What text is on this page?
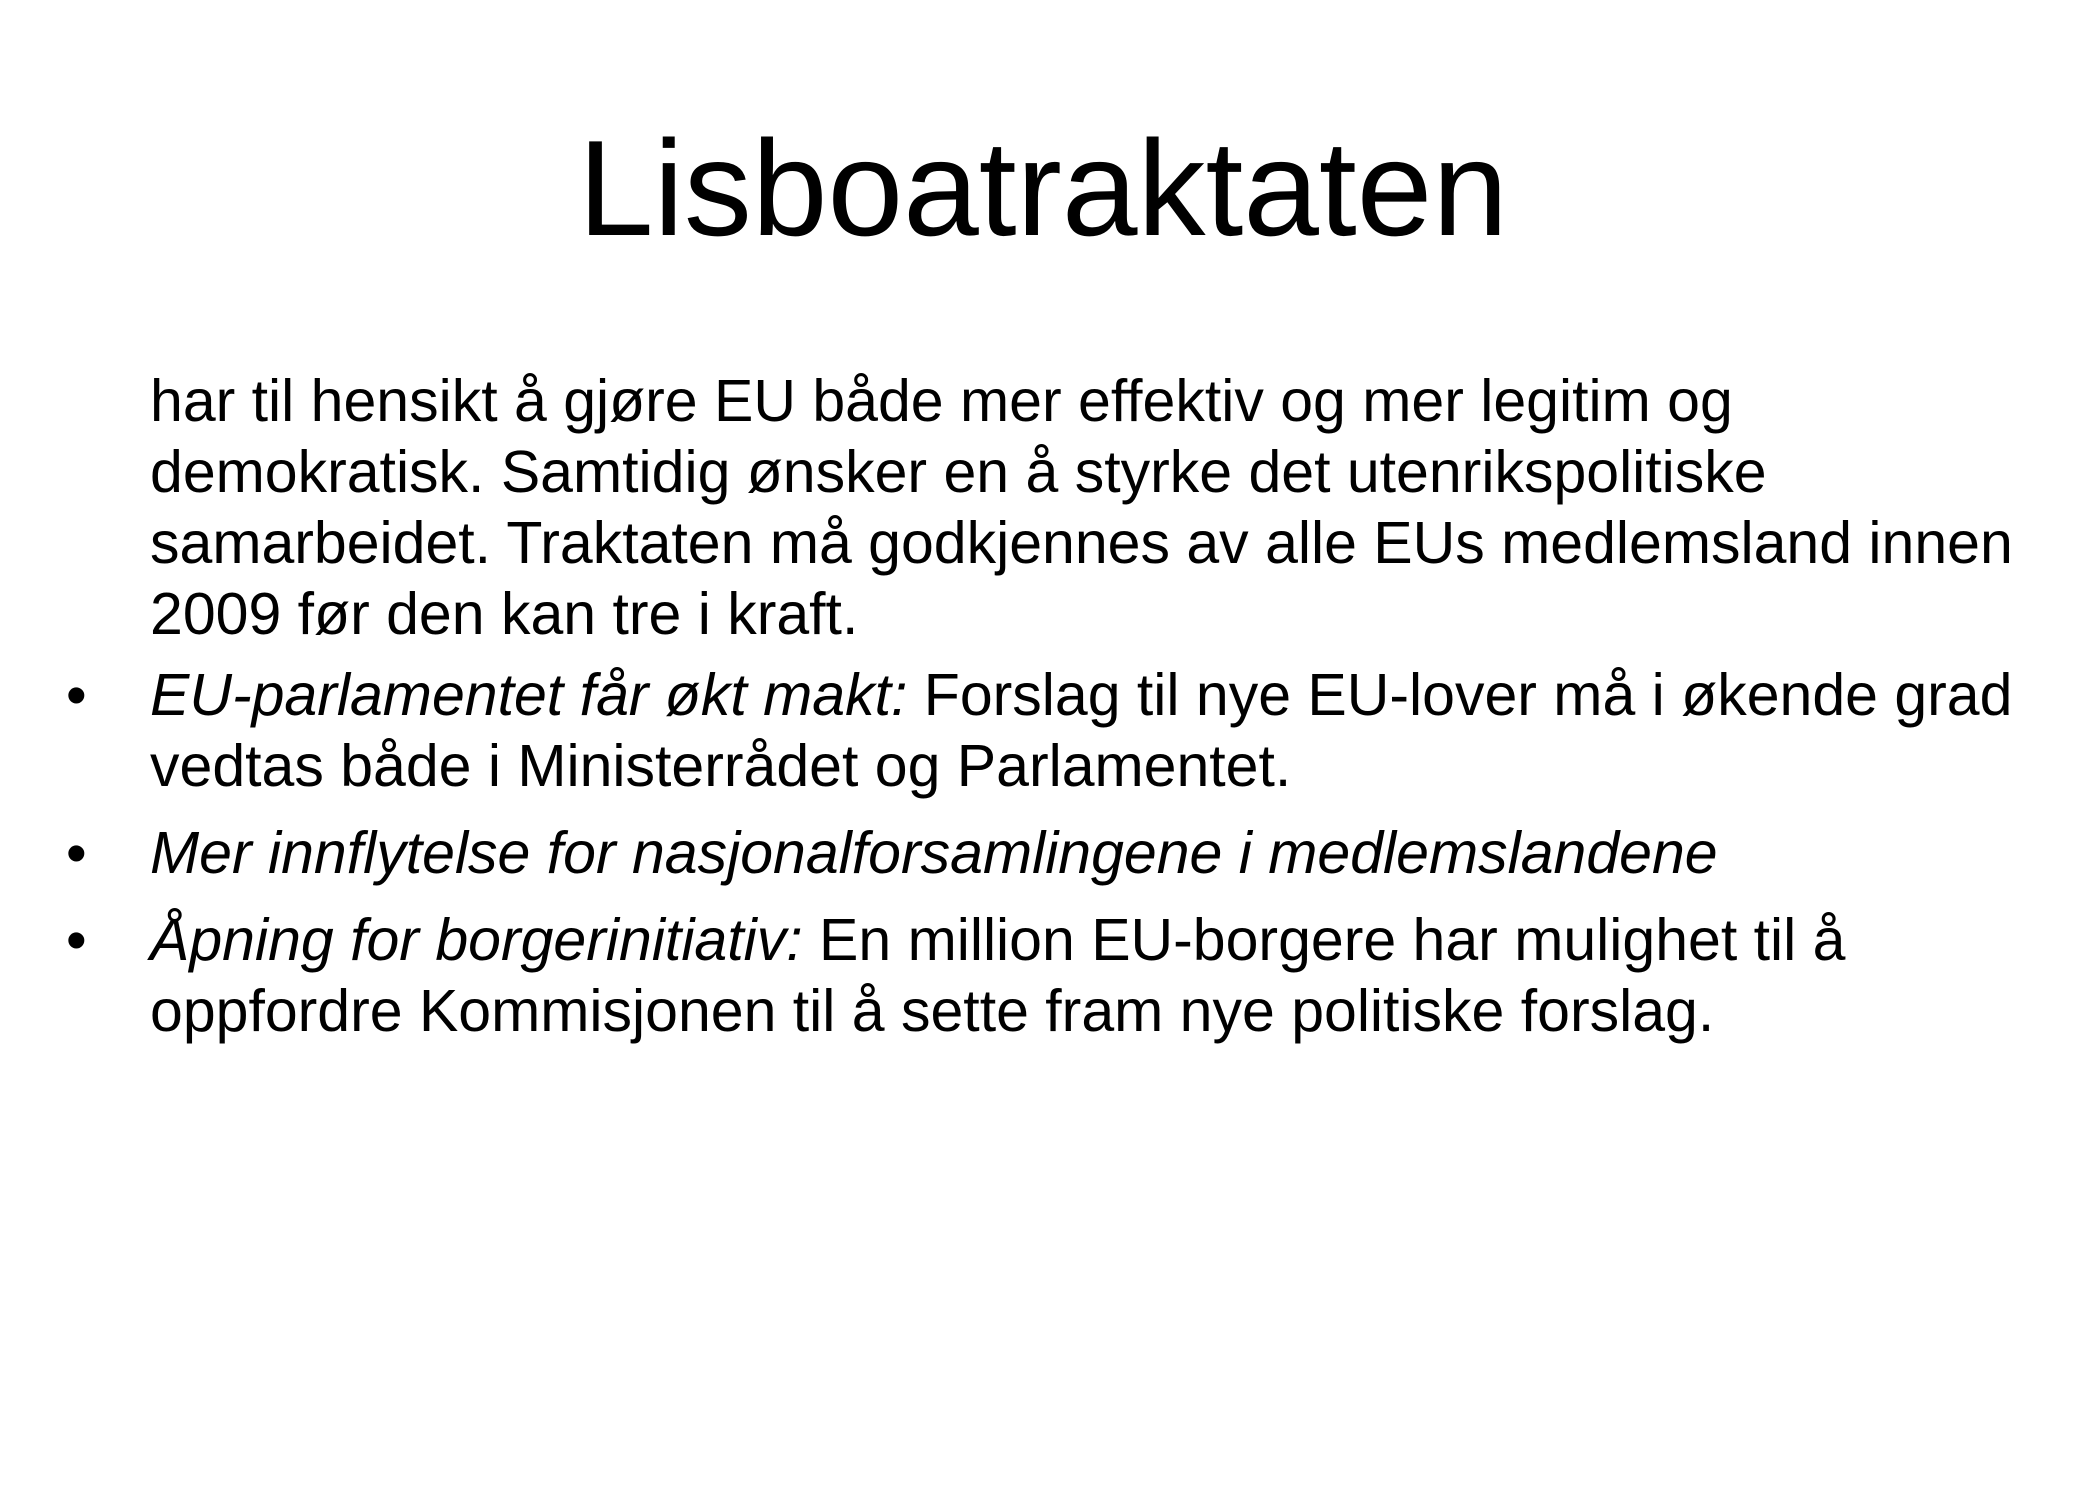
Lisboatraktaten

har til hensikt å gjøre EU både mer effektiv og mer legitim og demokratisk. Samtidig ønsker en å styrke det utenrikspolitiske samarbeidet. Traktaten må godkjennes av alle EUs medlemsland innen 2009 før den kan tre i kraft.

•	EU-parlamentet får økt makt: Forslag til nye EU-lover må i økende grad vedtas både i Ministerrådet og Parlamentet.
•	Mer innflytelse for nasjonalforsamlingene i medlemslandene
•	Åpning for borgerinitiativ: En million EU-borgere har mulighet til å oppfordre Kommisjonen til å sette fram nye politiske forslag.
